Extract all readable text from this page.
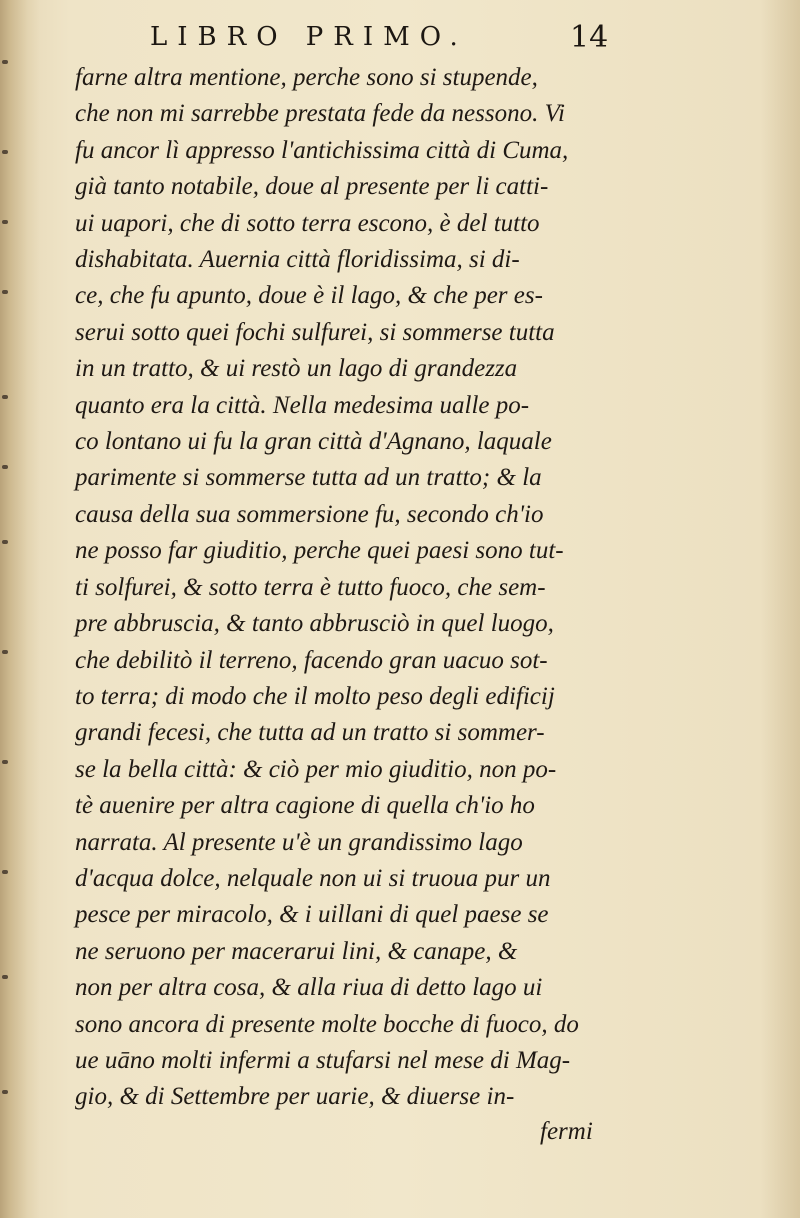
LIBRO PRIMO.	14
farne altra mentione, perche sono si stupende,
che non mi sarrebbe prestata fede da nessono. Vi
fu ancor lì appresso l'antichissima città di Cuma,
già tanto notabile, doue al presente per li catti-
ui uapori, che di sotto terra escono, è del tutto
dishabitata. Auernia città floridissima, si di-
ce, che fu apunto, doue è il lago, & che per es-
serui sotto quei fochi sulfurei, si sommerse tutta
in un tratto, & ui restò un lago di grandezza
quanto era la città. Nella medesima ualle po-
co lontano ui fu la gran città d'Agnano, laquale
parimente si sommerse tutta ad un tratto; & la
causa della sua sommersione fu, secondo ch'io
ne posso far giuditio, perche quei paesi sono tut-
ti solfurei, & sotto terra è tutto fuoco, che sem-
pre abbruscia, & tanto abbrusciò in quel luogo,
che debilitò il terreno, facendo gran uacuo sot-
to terra; di modo che il molto peso degli edificij
grandi fecesi, che tutta ad un tratto si sommer-
se la bella città: & ciò per mio giuditio, non po-
tè auenire per altra cagione di quella ch'io ho
narrata. Al presente u'è un grandissimo lago
d'acqua dolce, nelquale non ui si truoua pur un
pesce per miracolo, & i uillani di quel paese se
ne seruono per macerarui lini, & canape, &
non per altra cosa, & alla riua di detto lago ui
sono ancora di presente molte bocche di fuoco, do
ue uāno molti infermi a stufarsi nel mese di Mag-
gio, & di Settembre per uarie, & diuerse in-
fermi
